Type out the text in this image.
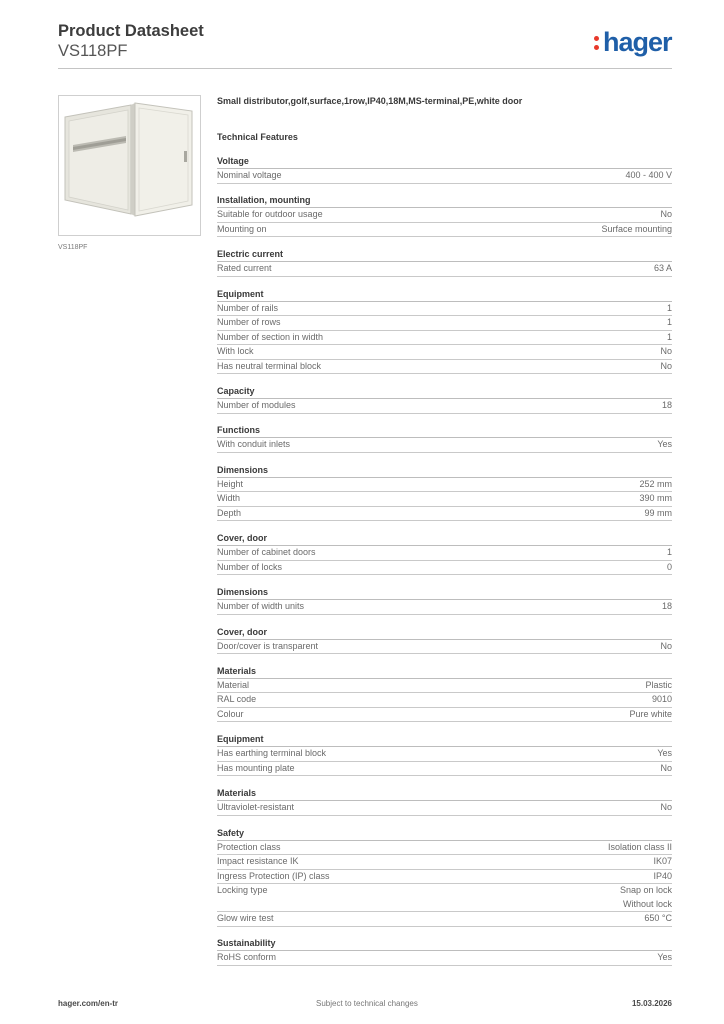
Product Datasheet
VS118PF	hager
VS118PF
Small distributor,golf,surface,1row,IP40,18M,MS-terminal,PE,white door
Technical Features
Voltage
Nominal voltage	400 - 400 V
Installation, mounting
Suitable for outdoor usage	No
Mounting on	Surface mounting
Electric current
Rated current	63 A
Equipment
Number of rails	1
Number of rows	1
Number of section in width	1
With lock	No
Has neutral terminal block	No
Capacity
Number of modules	18
Functions
With conduit inlets	Yes
Dimensions
Height	252 mm
Width	390 mm
Depth	99 mm
Cover, door
Number of cabinet doors	1
Number of locks	0
Dimensions
Number of width units	18
Cover, door
Door/cover is transparent	No
Materials
Material	Plastic
RAL code	9010
Colour	Pure white
Equipment
Has earthing terminal block	Yes
Has mounting plate	No
Materials
Ultraviolet-resistant	No
Safety
Protection class	Isolation class II
Impact resistance IK	IK07
Ingress Protection (IP) class	IP40
Locking type	Snap on lock
Without lock
Glow wire test	650 °C
Sustainability
RoHS conform	Yes
hager.com/en-tr	Subject to technical changes	15.03.2026
